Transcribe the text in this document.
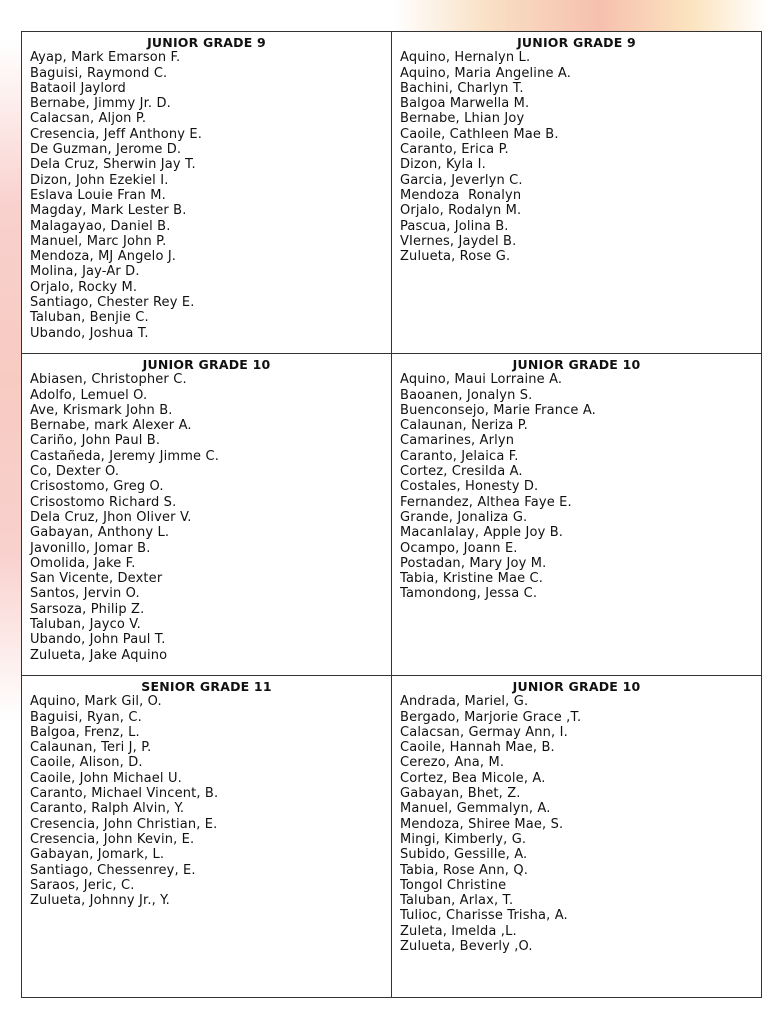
JUNIOR GRADE 9
Ayap, Mark Emarson F.
Baguisi, Raymond C.
Bataoil Jaylord
Bernabe, Jimmy Jr. D.
Calacsan, Aljon P.
Cresencia, Jeff Anthony E.
De Guzman, Jerome D.
Dela Cruz, Sherwin Jay T.
Dizon, John Ezekiel I.
Eslava Louie Fran M.
Magday, Mark Lester B.
Malagayao, Daniel B.
Manuel, Marc John P.
Mendoza, MJ Angelo J.
Molina, Jay-Ar D.
Orjalo, Rocky M.
Santiago, Chester Rey E.
Taluban, Benjie C.
Ubando, Joshua T.
JUNIOR GRADE 9
Aquino, Hernalyn L.
Aquino, Maria Angeline A.
Bachini, Charlyn T.
Balgoa Marwella M.
Bernabe, Lhian Joy
Caoile, Cathleen Mae B.
Caranto, Erica P.
Dizon, Kyla I.
Garcia, Jeverlyn C.
Mendoza  Ronalyn
Orjalo, Rodalyn M.
Pascua, Jolina B.
VIernes, Jaydel B.
Zulueta, Rose G.
JUNIOR GRADE 10
Abiasen, Christopher C.
Adolfo, Lemuel O.
Ave, Krismark John B.
Bernabe, mark Alexer A.
Cariño, John Paul B.
Castañeda, Jeremy Jimme C.
Co, Dexter O.
Crisostomo, Greg O.
Crisostomo Richard S.
Dela Cruz, Jhon Oliver V.
Gabayan, Anthony L.
Javonillo, Jomar B.
Omolida, Jake F.
San Vicente, Dexter
Santos, Jervin O.
Sarsoza, Philip Z.
Taluban, Jayco V.
Ubando, John Paul T.
Zulueta, Jake Aquino
JUNIOR GRADE 10
Aquino, Maui Lorraine A.
Baoanen, Jonalyn S.
Buenconsejo, Marie France A.
Calaunan, Neriza P.
Camarines, Arlyn
Caranto, Jelaica F.
Cortez, Cresilda A.
Costales, Honesty D.
Fernandez, Althea Faye E.
Grande, Jonaliza G.
Macanlalay, Apple Joy B.
Ocampo, Joann E.
Postadan, Mary Joy M.
Tabia, Kristine Mae C.
Tamondong, Jessa C.
SENIOR GRADE 11
Aquino, Mark Gil, O.
Baguisi, Ryan, C.
Balgoa, Frenz, L.
Calaunan, Teri J, P.
Caoile, Alison, D.
Caoile, John Michael U.
Caranto, Michael Vincent, B.
Caranto, Ralph Alvin, Y.
Cresencia, John Christian, E.
Cresencia, John Kevin, E.
Gabayan, Jomark, L.
Santiago, Chessenrey, E.
Saraos, Jeric, C.
Zulueta, Johnny Jr., Y.
JUNIOR GRADE 10
Andrada, Mariel, G.
Bergado, Marjorie Grace ,T.
Calacsan, Germay Ann, I.
Caoile, Hannah Mae, B.
Cerezo, Ana, M.
Cortez, Bea Micole, A.
Gabayan, Bhet, Z.
Manuel, Gemmalyn, A.
Mendoza, Shiree Mae, S.
Mingi, Kimberly, G.
Subido, Gessille, A.
Tabia, Rose Ann, Q.
Tongol Christine
Taluban, Arlax, T.
Tulioc, Charisse Trisha, A.
Zuleta, Imelda ,L.
Zulueta, Beverly ,O.
